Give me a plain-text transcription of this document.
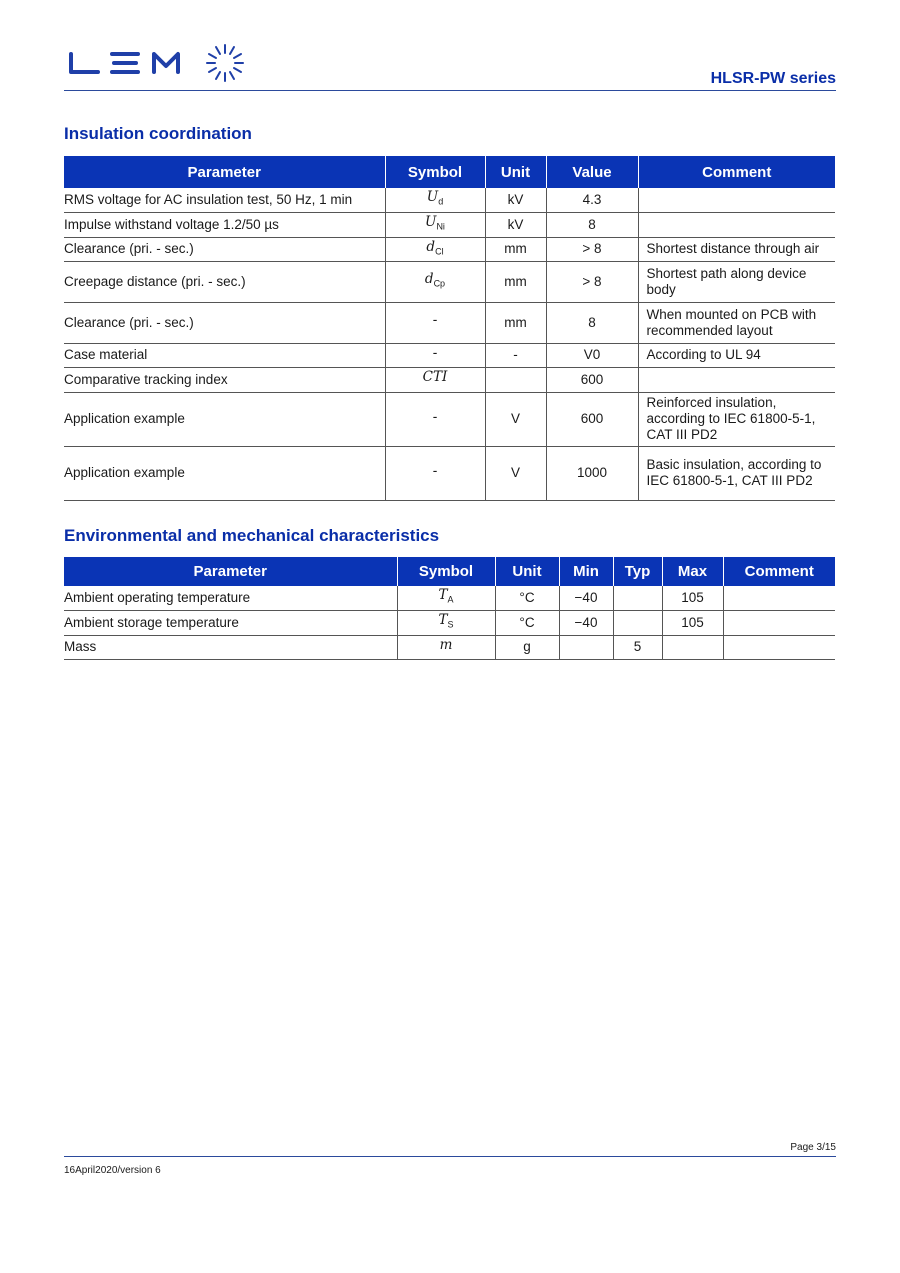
HLSR-PW series
Insulation coordination
Parameter	Symbol	Unit	Value	Comment
RMS voltage for AC insulation test, 50 Hz, 1 min	$U_d$	kV	4.3	
Impulse withstand voltage 1.2/50 µs	$U_{Ni}$	kV	8	
Clearance (pri. - sec.)	$d_{Cl}$	mm	> 8	Shortest distance through air
Creepage distance (pri. - sec.)	$d_{Cp}$	mm	> 8	Shortest path along device body
Clearance (pri. - sec.)	-	mm	8	When mounted on PCB with recommended layout
Case material	-	-	V0	According to UL 94
Comparative tracking index	CTI		600	
Application example	-	V	600	Reinforced insulation, according to IEC 61800-5-1, CAT III PD2
Application example	-	V	1000	Basic insulation, according to IEC 61800-5-1, CAT III PD2
Environmental and mechanical characteristics
Parameter	Symbol	Unit	Min	Typ	Max	Comment
Ambient operating temperature	$T_A$	°C	−40		105	
Ambient storage temperature	$T_S$	°C	−40		105	
Mass	m	g		5		
Page 3/15
16April2020/version 6
